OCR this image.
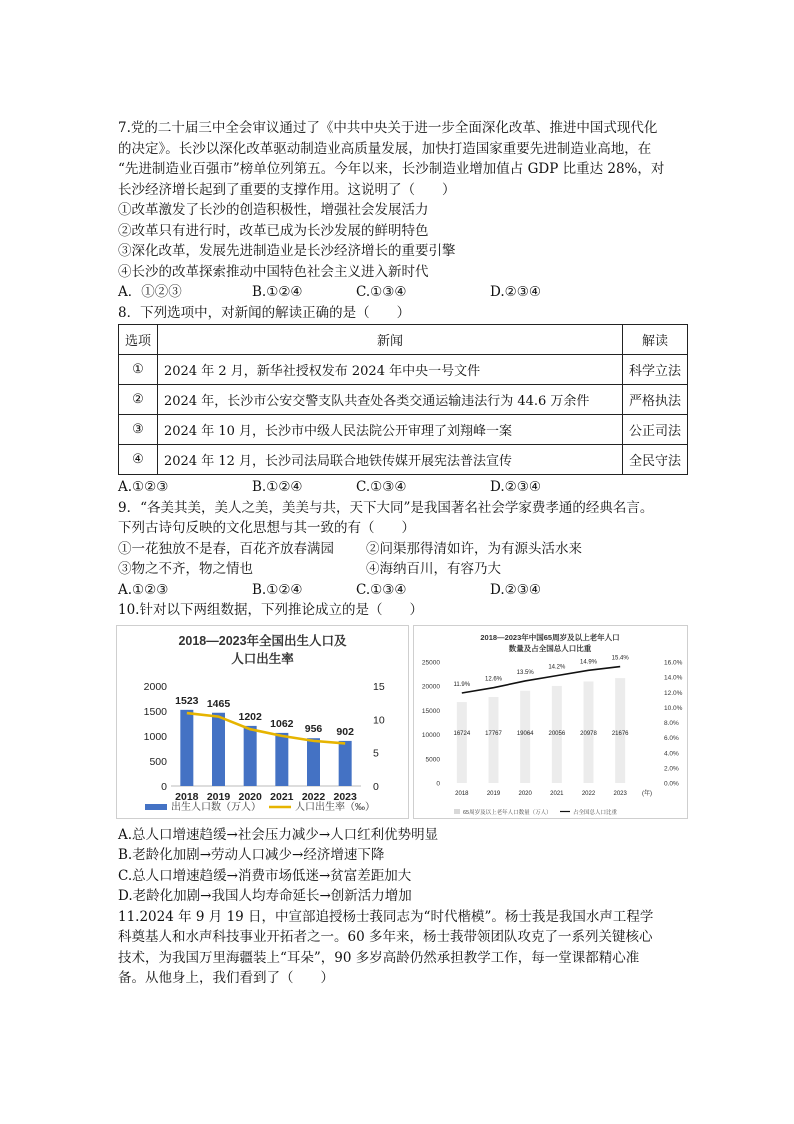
7.党的二十届三中全会审议通过了《中共中央关于进一步全面深化改革、推进中国式现代化
的决定》。长沙以深化改革驱动制造业高质量发展，加快打造国家重要先进制造业高地，在
“先进制造业百强市”榜单位列第五。今年以来，长沙制造业增加值占 GDP 比重达 28%，对
长沙经济增长起到了重要的支撑作用。这说明了（　　）
①改革激发了长沙的创造积极性，增强社会发展活力
②改革只有进行时，改革已成为长沙发展的鲜明特色
③深化改革，发展先进制造业是长沙经济增长的重要引擎
④长沙的改革探索推动中国特色社会主义进入新时代
A．①②③	B.①②④	C.①③④	D.②③④
8．下列选项中，对新闻的解读正确的是（　　）
选项	新闻	解读
①	2024 年 2 月，新华社授权发布 2024 年中央一号文件	科学立法
②	2024 年，长沙市公安交警支队共查处各类交通运输违法行为 44.6 万余件	严格执法
③	2024 年 10 月，长沙市中级人民法院公开审理了刘翔峰一案	公正司法
④	2024 年 12 月，长沙司法局联合地铁传媒开展宪法普法宣传	全民守法
A.①②③	B.①②④	C.①③④	D.②③④
9．“各美其美，美人之美，美美与共，天下大同”是我国著名社会学家费孝通的经典名言。
下列古诗句反映的文化思想与其一致的有（　　）
①一花独放不是春，百花齐放春满园	②问渠那得清如许，为有源头活水来
③物之不齐，物之情也	④海纳百川，有容乃大
A.①②③	B.①②④	C.①③④	D.②③④
10.针对以下两组数据，下列推论成立的是（　　）
2018—2023年全国出生人口及
人口出生率
0
500
1000
1500
2000
0
5
10
15
1523
2018
1465
2019
1202
2020
1062
2021
956
2022
902
2023
出生人口数（万人）	人口出生率（‰）
2018—2023年中国65周岁及以上老年人口
数量及占全国总人口比重
0
5000
10000
15000
20000
25000
0.0%
2.0%
4.0%
6.0%
8.0%
10.0%
12.0%
14.0%
16.0%
16724
2018
11.9%
17767
2019
12.6%
19064
2020
13.5%
20056
2021
14.2%
20978
2022
14.9%
21676
2023
15.4%
(年)
65周岁及以上老年人口数量（万人）	占全国总人口比重
A.总人口增速趋缓→社会压力减少→人口红利优势明显
B.老龄化加剧→劳动人口减少→经济增速下降
C.总人口增速趋缓→消费市场低迷→贫富差距加大
D.老龄化加剧→我国人均寿命延长→创新活力增加
11.2024 年 9 月 19 日，中宣部追授杨士莪同志为“时代楷模”。杨士莪是我国水声工程学
科奠基人和水声科技事业开拓者之一。60 多年来，杨士莪带领团队攻克了一系列关键核心
技术，为我国万里海疆装上“耳朵”，90 多岁高龄仍然承担教学工作，每一堂课都精心准
备。从他身上，我们看到了（　　）
